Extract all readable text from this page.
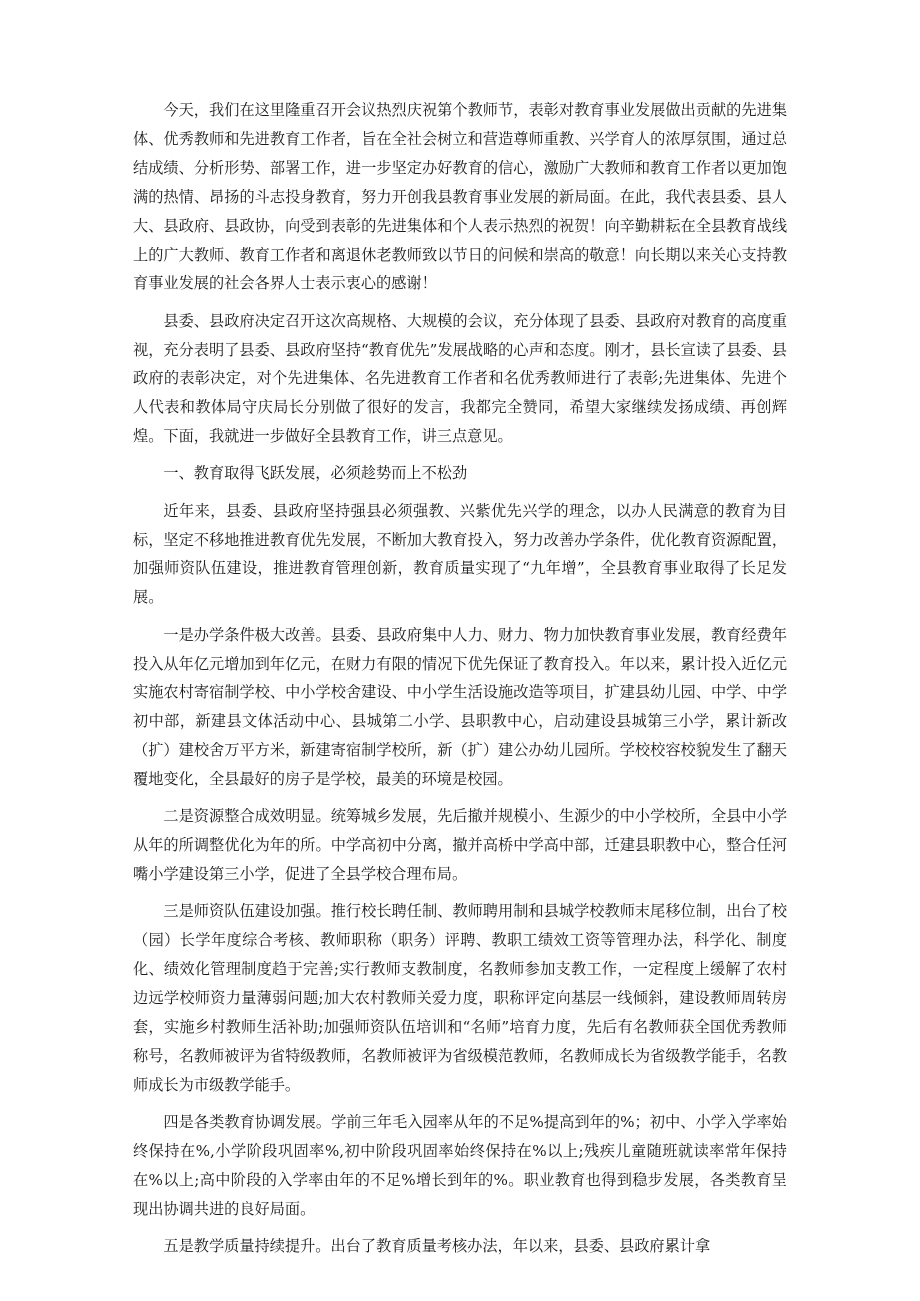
今天，我们在这里隆重召开会议热烈庆祝第个教师节，表彰对教育事业发展做出贡献的先进集体、优秀教师和先进教育工作者，旨在全社会树立和营造尊师重教、兴学育人的浓厚氛围，通过总结成绩、分析形势、部署工作，进一步坚定办好教育的信心，激励广大教师和教育工作者以更加饱满的热情、昂扬的斗志投身教育，努力开创我县教育事业发展的新局面。在此，我代表县委、县人大、县政府、县政协，向受到表彰的先进集体和个人表示热烈的祝贺！向辛勤耕耘在全县教育战线上的广大教师、教育工作者和离退休老教师致以节日的问候和崇高的敬意！向长期以来关心支持教育事业发展的社会各界人士表示衷心的感谢！

县委、县政府决定召开这次高规格、大规模的会议，充分体现了县委、县政府对教育的高度重视，充分表明了县委、县政府坚持“教育优先”发展战略的心声和态度。刚才，县长宣读了县委、县政府的表彰决定，对个先进集体、名先进教育工作者和名优秀教师进行了表彰;先进集体、先进个人代表和教体局守庆局长分别做了很好的发言，我都完全赞同，希望大家继续发扬成绩、再创辉煌。下面，我就进一步做好全县教育工作，讲三点意见。

一、教育取得飞跃发展，必须趁势而上不松劲

近年来，县委、县政府坚持强县必须强教、兴紫优先兴学的理念，以办人民满意的教育为目标，坚定不移地推进教育优先发展，不断加大教育投入，努力改善办学条件，优化教育资源配置，加强师资队伍建设，推进教育管理创新，教育质量实现了“九年增”，全县教育事业取得了长足发展。

一是办学条件极大改善。县委、县政府集中人力、财力、物力加快教育事业发展，教育经费年投入从年亿元增加到年亿元，在财力有限的情况下优先保证了教育投入。年以来，累计投入近亿元实施农村寄宿制学校、中小学校舍建设、中小学生活设施改造等项目，扩建县幼儿园、中学、中学初中部，新建县文体活动中心、县城第二小学、县职教中心，启动建设县城第三小学，累计新改（扩）建校舍万平方米，新建寄宿制学校所，新（扩）建公办幼儿园所。学校校容校貌发生了翻天覆地变化，全县最好的房子是学校，最美的环境是校园。

二是资源整合成效明显。统筹城乡发展，先后撤并规模小、生源少的中小学校所，全县中小学从年的所调整优化为年的所。中学高初中分离，撤并高桥中学高中部，迁建县职教中心，整合任河嘴小学建设第三小学，促进了全县学校合理布局。

三是师资队伍建设加强。推行校长聘任制、教师聘用制和县城学校教师末尾移位制，出台了校（园）长学年度综合考核、教师职称（职务）评聘、教职工绩效工资等管理办法，科学化、制度化、绩效化管理制度趋于完善;实行教师支教制度，名教师参加支教工作，一定程度上缓解了农村边远学校师资力量薄弱问题;加大农村教师关爱力度，职称评定向基层一线倾斜，建设教师周转房套，实施乡村教师生活补助;加强师资队伍培训和“名师”培育力度，先后有名教师获全国优秀教师称号，名教师被评为省特级教师，名教师被评为省级模范教师，名教师成长为省级教学能手，名教师成长为市级教学能手。

四是各类教育协调发展。学前三年毛入园率从年的不足%提高到年的%；初中、小学入学率始终保持在%,小学阶段巩固率%,初中阶段巩固率始终保持在%以上;残疾儿童随班就读率常年保持在%以上;高中阶段的入学率由年的不足%增长到年的%。职业教育也得到稳步发展，各类教育呈现出协调共进的良好局面。

五是教学质量持续提升。出台了教育质量考核办法，年以来，县委、县政府累计拿
